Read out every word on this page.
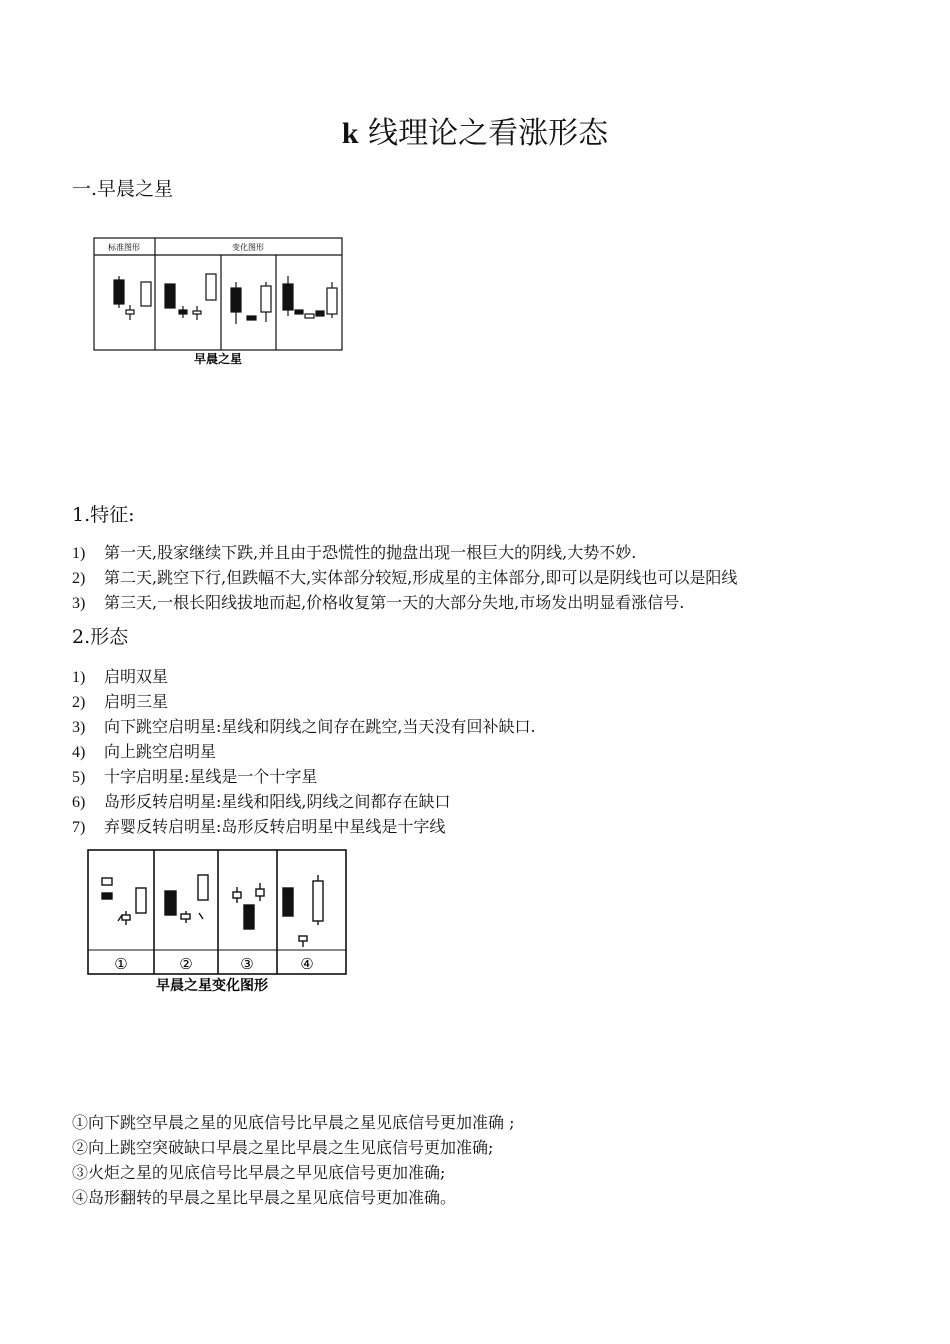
k 线理论之看涨形态
一.早晨之星
标准图形	变化图形
早晨之星
1.特征:
1) 第一天,股家继续下跌,并且由于恐慌性的抛盘出现一根巨大的阴线,大势不妙.
2) 第二天,跳空下行,但跌幅不大,实体部分较短,形成星的主体部分,即可以是阴线也可以是阳线
3) 第三天,一根长阳线拔地而起,价格收复第一天的大部分失地,市场发出明显看涨信号.
2.形态
1) 启明双星
2) 启明三星
3) 向下跳空启明星:星线和阴线之间存在跳空,当天没有回补缺口.
4) 向上跳空启明星
5) 十字启明星:星线是一个十字星
6) 岛形反转启明星:星线和阳线,阴线之间都存在缺口
7) 弃婴反转启明星:岛形反转启明星中星线是十字线
①	②	③	④
早晨之星变化图形
①向下跳空早晨之星的见底信号比早晨之星见底信号更加准确 ;
②向上跳空突破缺口早晨之星比早晨之生见底信号更加准确;
③火炬之星的见底信号比早晨之早见底信号更加准确;
④岛形翻转的早晨之星比早晨之星见底信号更加准确。
